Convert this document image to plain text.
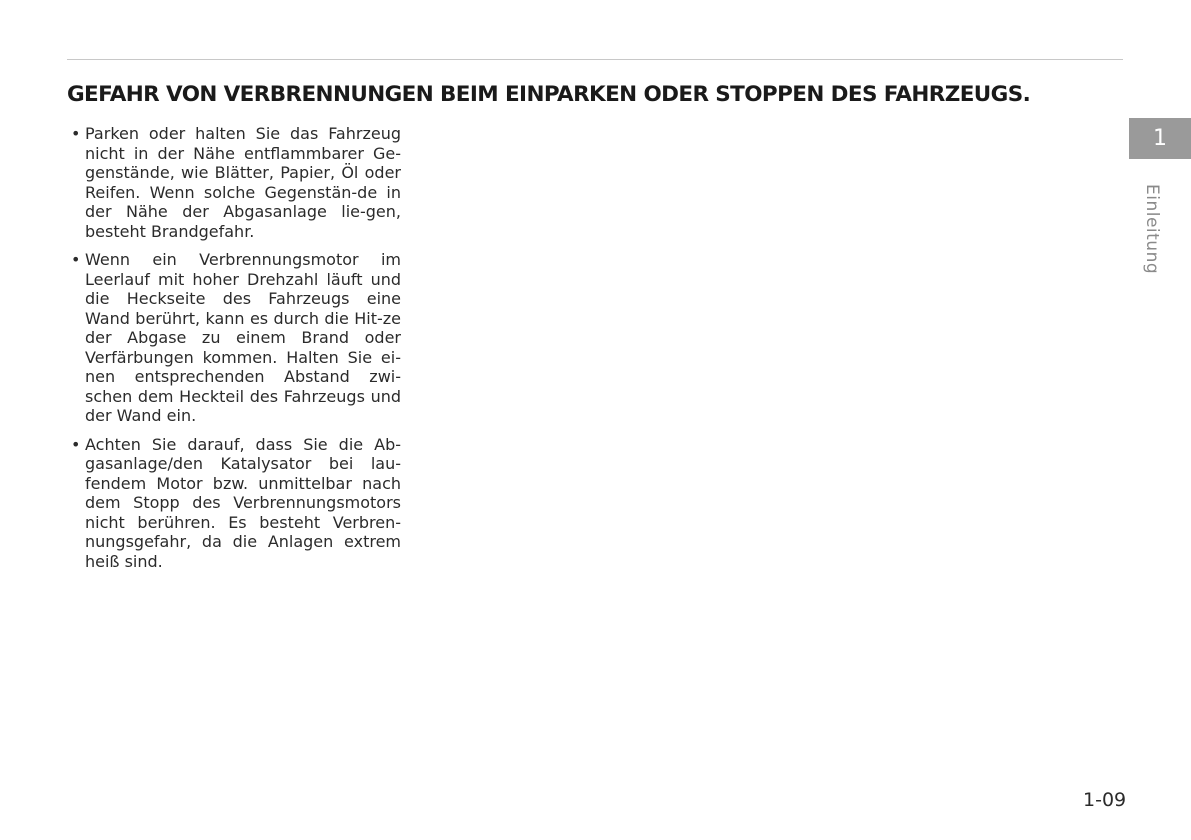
GEFAHR VON VERBRENNUNGEN BEIM EINPARKEN ODER STOPPEN DES FAHRZEUGS.
• Parken oder halten Sie das Fahrzeug nicht in der Nähe entflammbarer Ge-genstände, wie Blätter, Papier, Öl oder Reifen. Wenn solche Gegenstän-de in der Nähe der Abgasanlage lie-gen, besteht Brandgefahr.
• Wenn ein Verbrennungsmotor im Leerlauf mit hoher Drehzahl läuft und die Heckseite des Fahrzeugs eine Wand berührt, kann es durch die Hit-ze der Abgase zu einem Brand oder Verfärbungen kommen. Halten Sie ei-nen entsprechenden Abstand zwi-schen dem Heckteil des Fahrzeugs und der Wand ein.
• Achten Sie darauf, dass Sie die Ab-gasanlage/den Katalysator bei lau-fendem Motor bzw. unmittelbar nach dem Stopp des Verbrennungsmotors nicht berühren. Es besteht Verbren-nungsgefahr, da die Anlagen extrem heiß sind.
1
Einleitung
1-09
